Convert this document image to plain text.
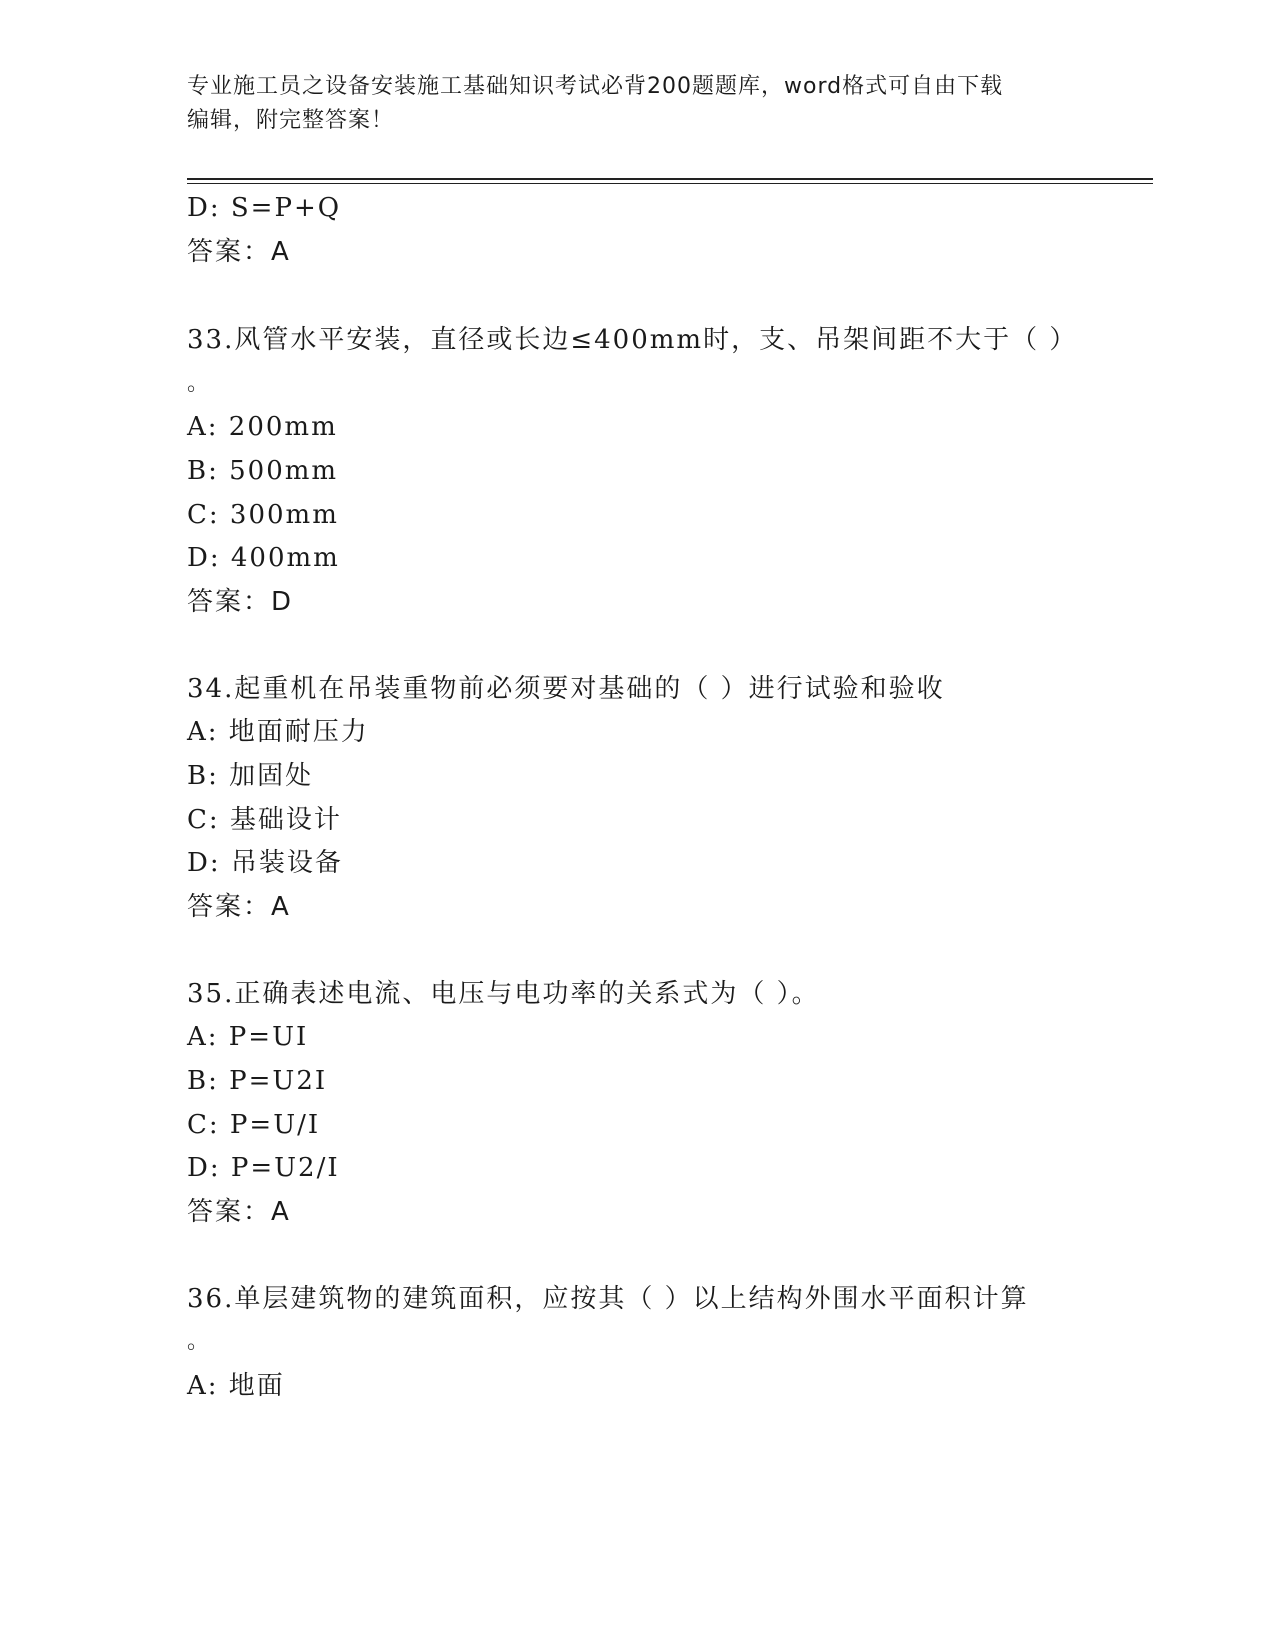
专业施工员之设备安装施工基础知识考试必背200题题库，word格式可自由下载
编辑，附完整答案！
D: S=P+Q
答案：A
33.风管水平安装，直径或长边≤400mm时，支、吊架间距不大于（ ）
。
A: 200mm
B: 500mm
C: 300mm
D: 400mm
答案：D
34.起重机在吊装重物前必须要对基础的（ ）进行试验和验收
A: 地面耐压力
B: 加固处
C: 基础设计
D: 吊装设备
答案：A
35.正确表述电流、电压与电功率的关系式为（ ）。
A: P=UI
B: P=U2I
C: P=U/I
D: P=U2/I
答案：A
36.单层建筑物的建筑面积，应按其（ ）以上结构外围水平面积计算
。
A: 地面
